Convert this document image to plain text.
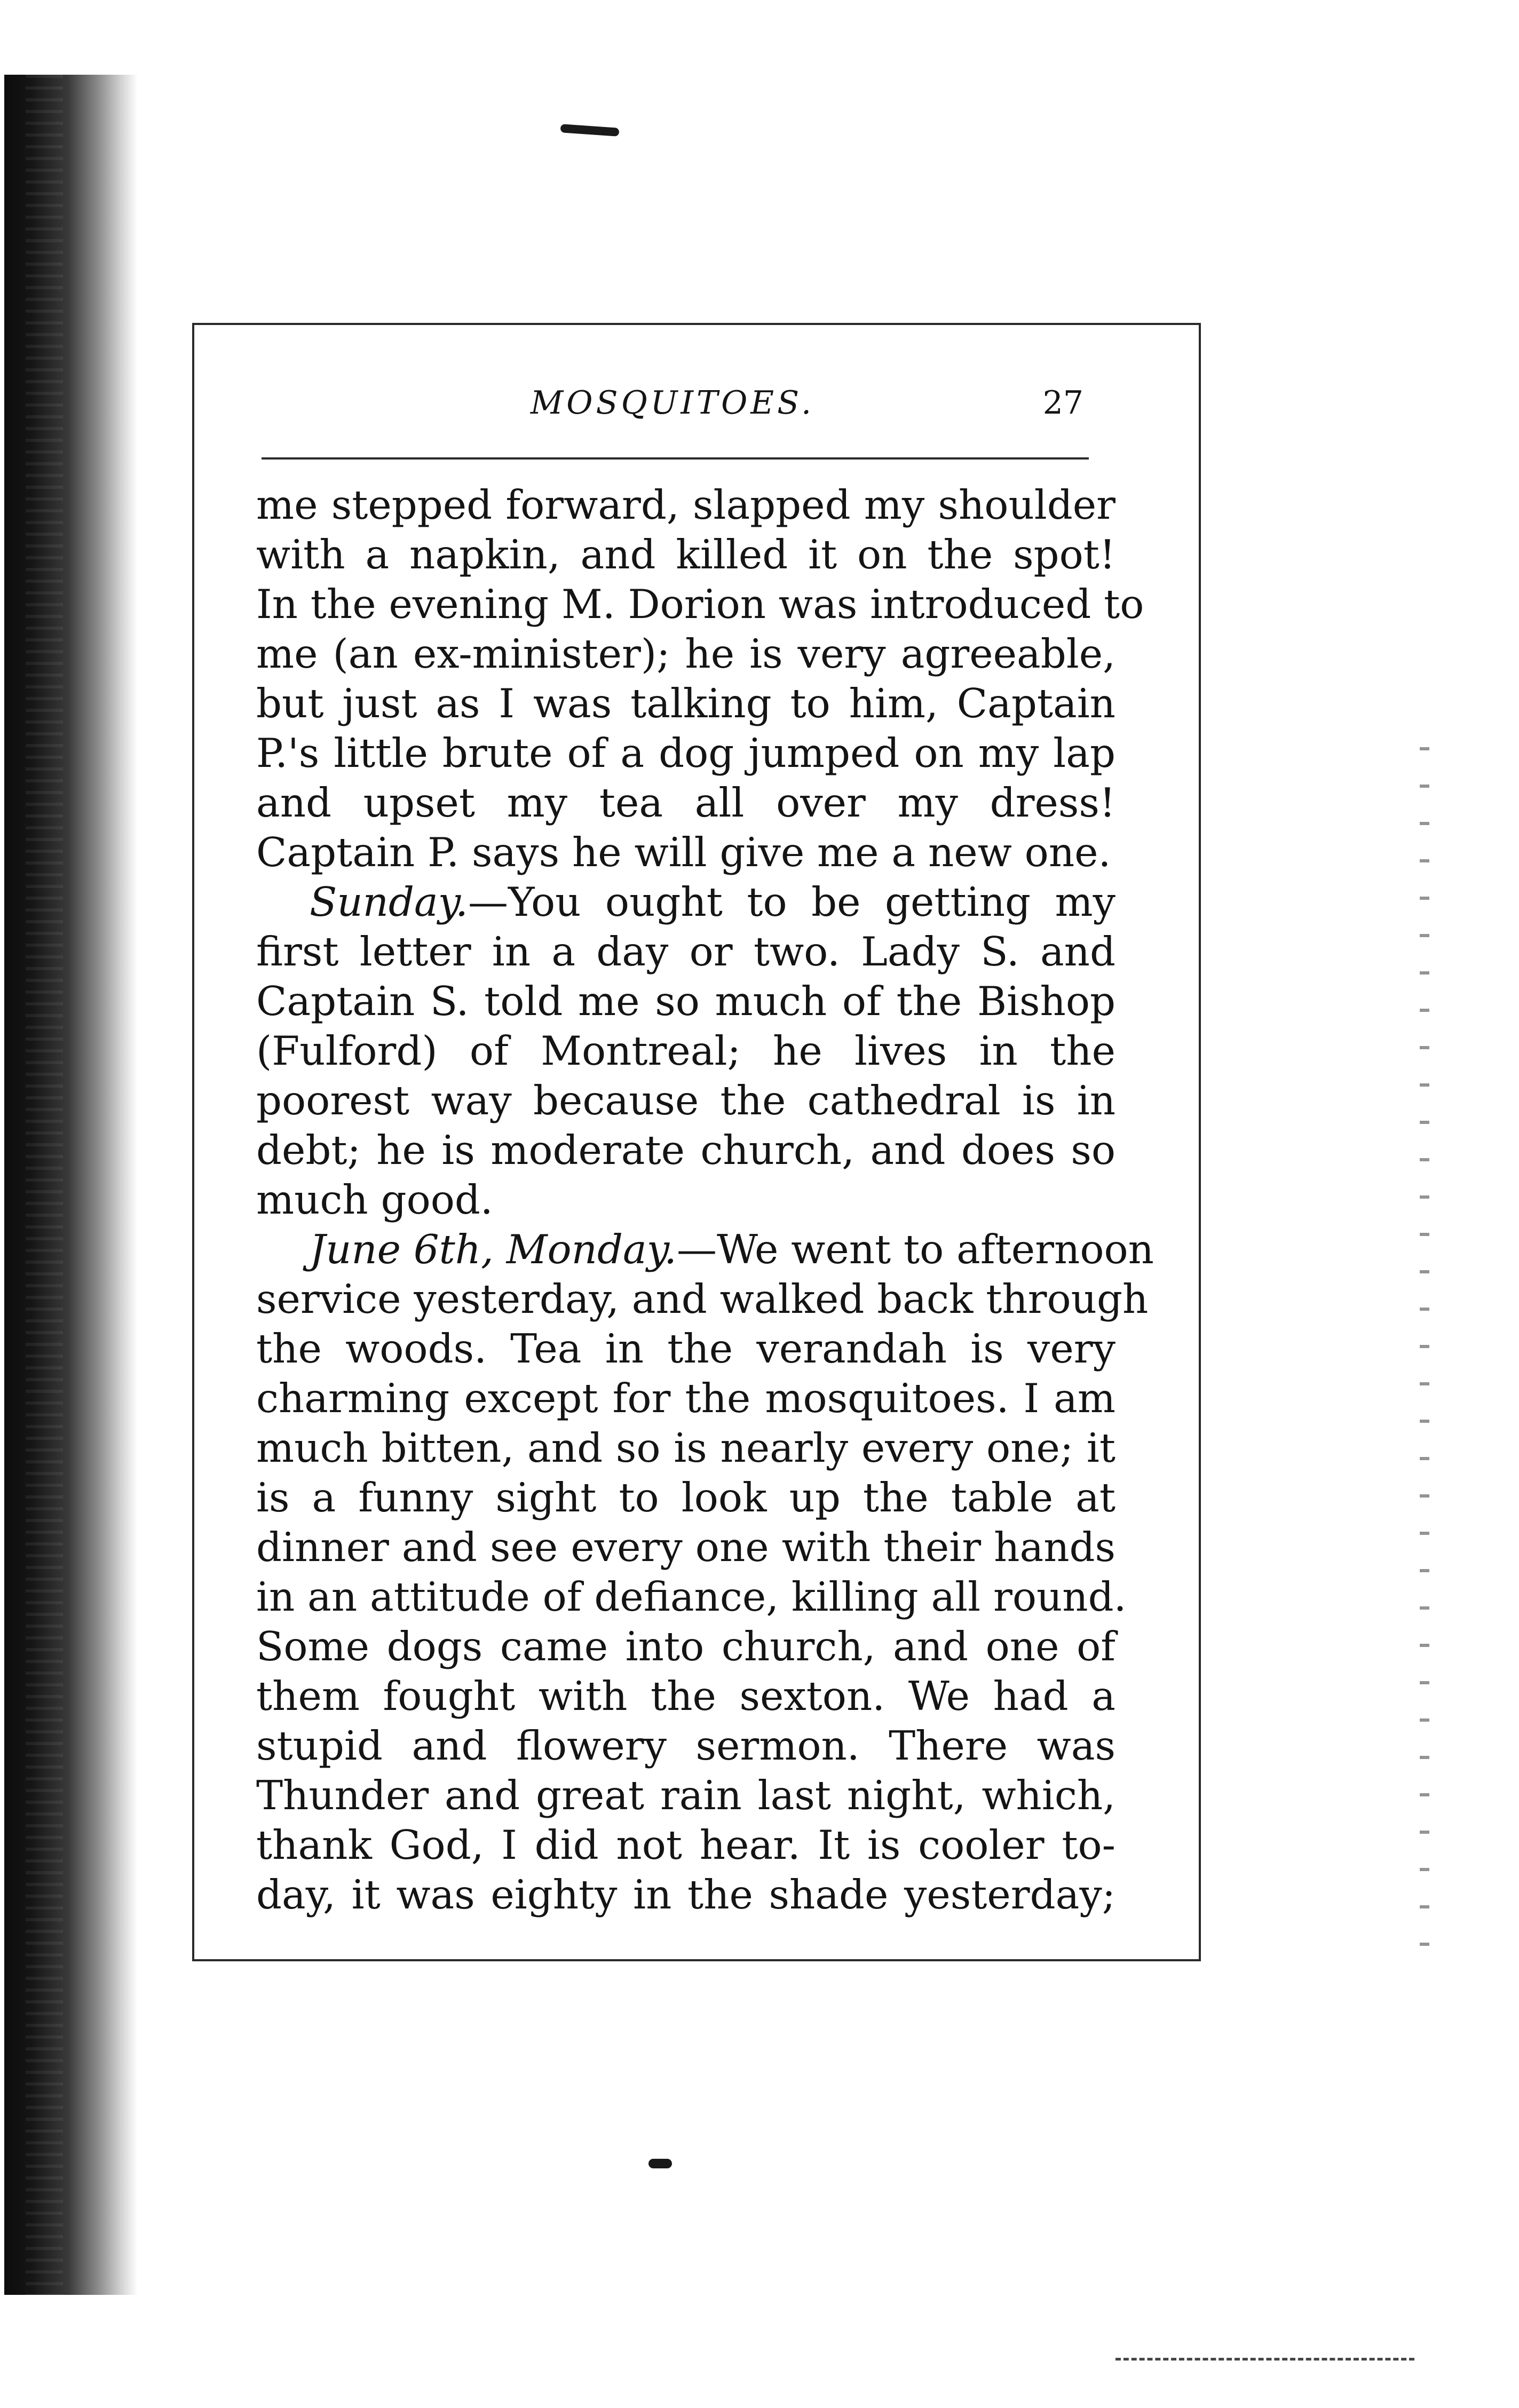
MOSQUITOES.	27
me stepped forward, slapped my shoulder
with a napkin, and killed it on the spot!
In the evening M. Dorion was introduced to
me (an ex-minister); he is very agreeable,
but just as I was talking to him, Captain
P.'s little brute of a dog jumped on my lap
and upset my tea all over my dress!
Captain P. says he will give me a new one.
Sunday.—You ought to be getting my
first letter in a day or two. Lady S. and
Captain S. told me so much of the Bishop
(Fulford) of Montreal; he lives in the
poorest way because the cathedral is in
debt; he is moderate church, and does so
much good.
June 6th, Monday.—We went to afternoon
service yesterday, and walked back through
the woods. Tea in the verandah is very
charming except for the mosquitoes. I am
much bitten, and so is nearly every one; it
is a funny sight to look up the table at
dinner and see every one with their hands
in an attitude of defiance, killing all round.
Some dogs came into church, and one of
them fought with the sexton. We had a
stupid and flowery sermon. There was
Thunder and great rain last night, which,
thank God, I did not hear. It is cooler to-
day, it was eighty in the shade yesterday;
